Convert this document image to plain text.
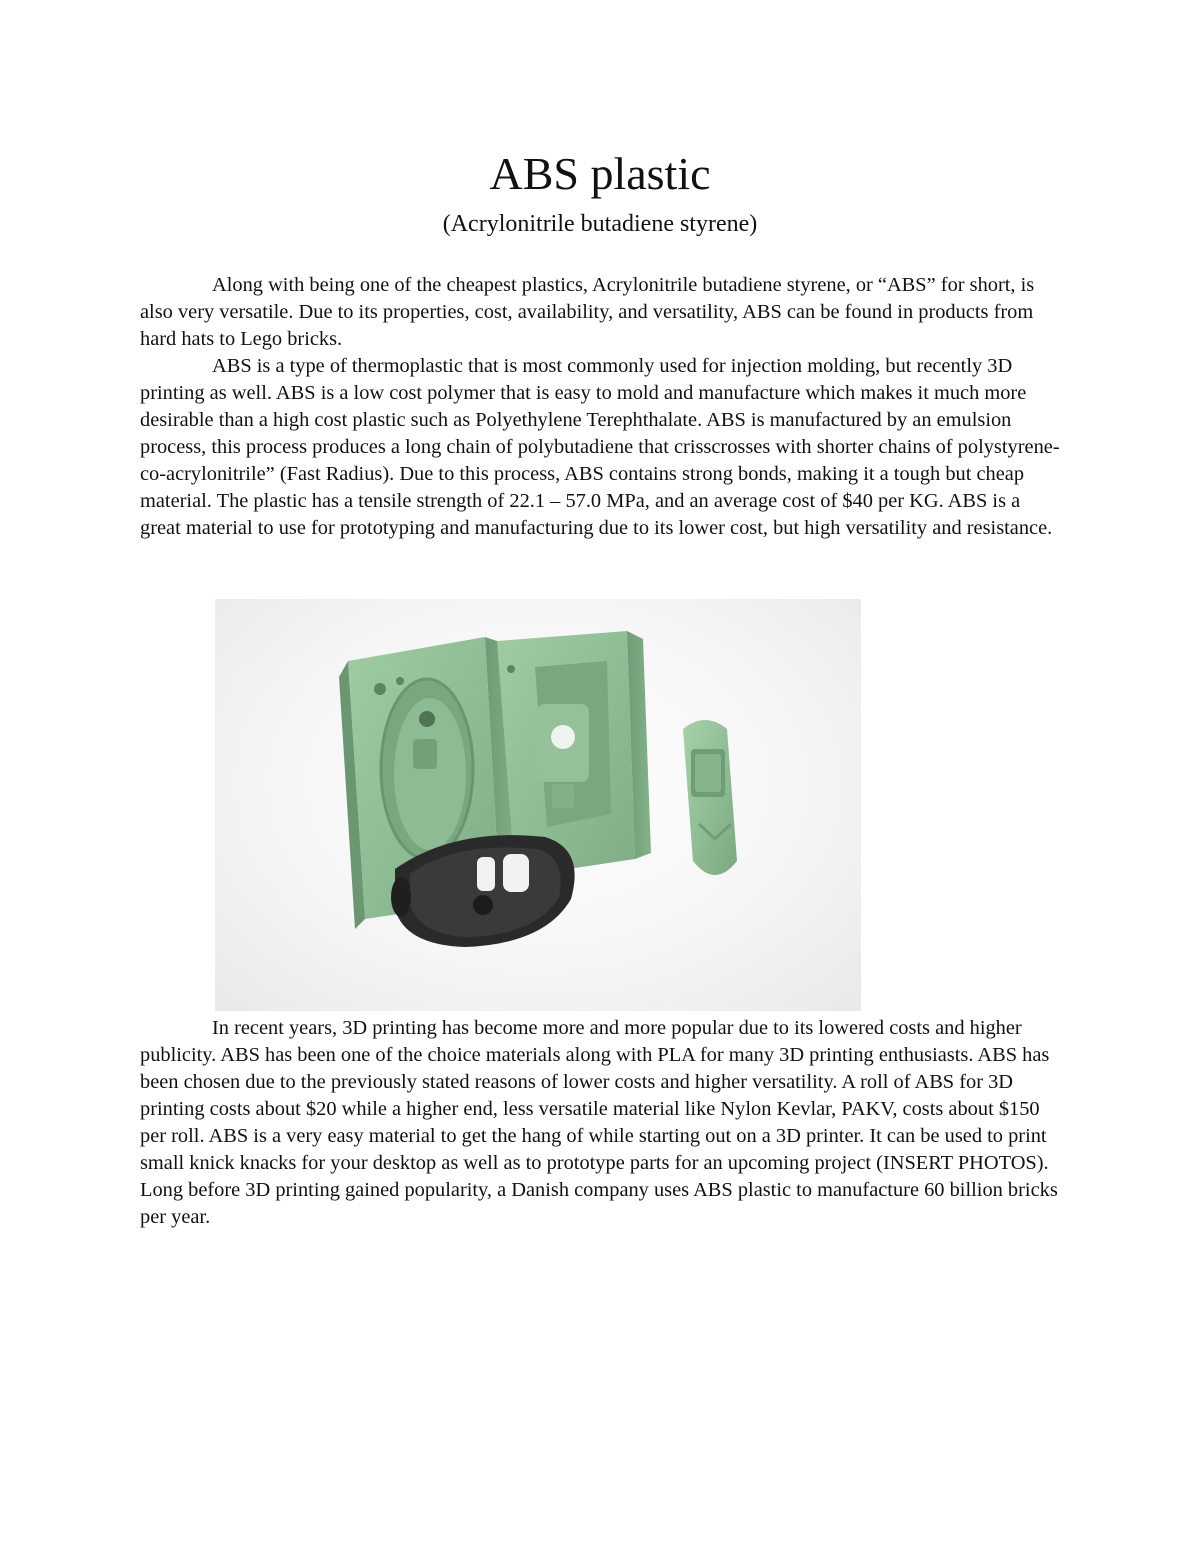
ABS plastic
(Acrylonitrile butadiene styrene)

Along with being one of the cheapest plastics, Acrylonitrile butadiene styrene, or “ABS” for short, is also very versatile. Due to its properties, cost, availability, and versatility, ABS can be found in products from hard hats to Lego bricks.

ABS is a type of thermoplastic that is most commonly used for injection molding, but recently 3D printing as well. ABS is a low cost polymer that is easy to mold and manufacture which makes it much more desirable than a high cost plastic such as Polyethylene Terephthalate. ABS is manufactured by an emulsion process, this process produces a long chain of polybutadiene that crisscrosses with shorter chains of polystyrene-co-acrylonitrile” (Fast Radius). Due to this process, ABS contains strong bonds, making it a tough but cheap material. The plastic has a tensile strength of 22.1 – 57.0 MPa, and an average cost of $40 per KG. ABS is a great material to use for prototyping and manufacturing due to its lower cost, but high versatility and resistance.

In recent years, 3D printing has become more and more popular due to its lowered costs and higher publicity. ABS has been one of the choice materials along with PLA for many 3D printing enthusiasts. ABS has been chosen due to the previously stated reasons of lower costs and higher versatility. A roll of ABS for 3D printing costs about $20 while a higher end, less versatile material like Nylon Kevlar, PAKV, costs about $150 per roll. ABS is a very easy material to get the hang of while starting out on a 3D printer. It can be used to print small knick knacks for your desktop as well as to prototype parts for an upcoming project (INSERT PHOTOS). Long before 3D printing gained popularity, a Danish company uses ABS plastic to manufacture 60 billion bricks per year.
